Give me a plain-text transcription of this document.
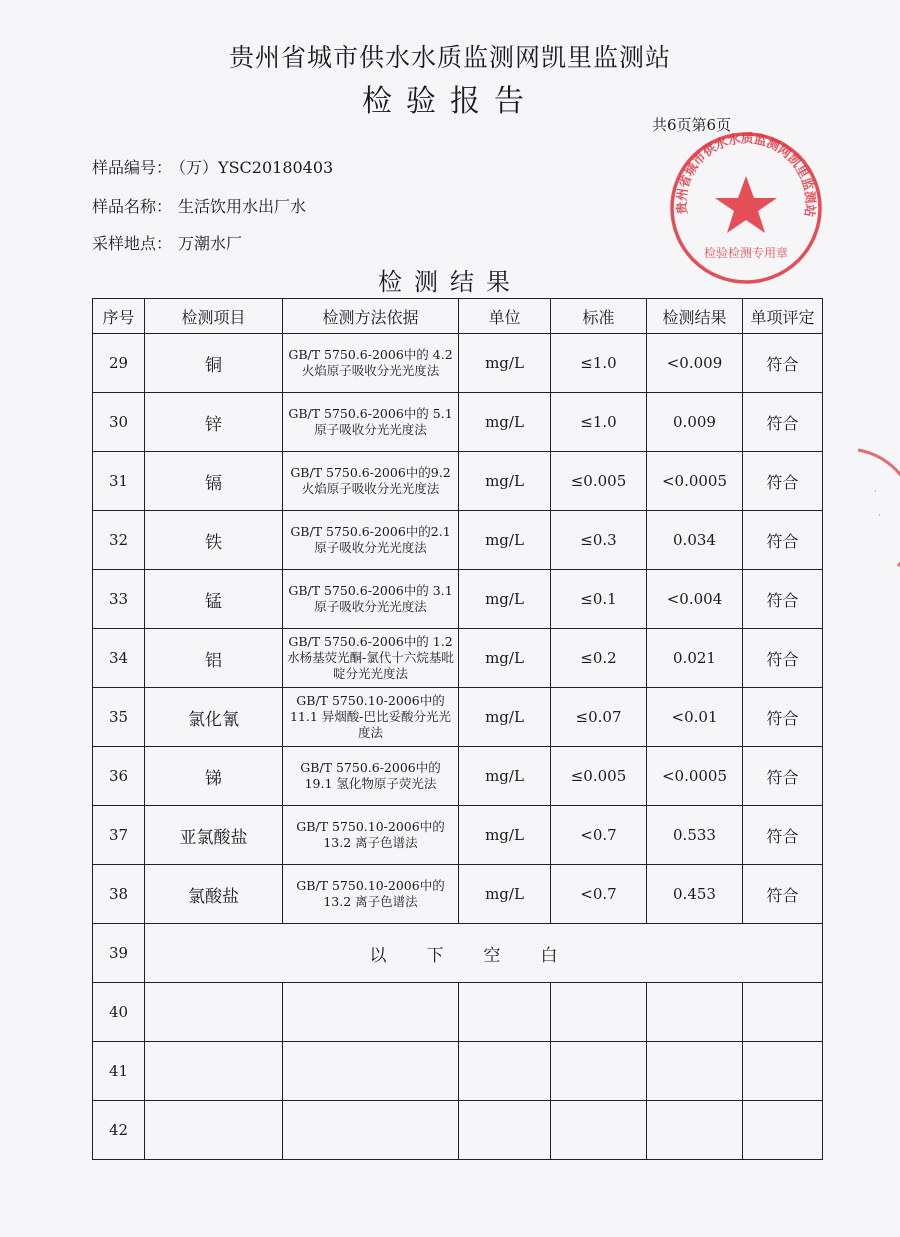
贵州省城市供水水质监测网凯里监测站
检验报告
共6页第6页
样品编号： （万）YSC20180403
样品名称： 生活饮用水出厂水
采样地点： 万潮水厂
检测结果
序号	检测项目	检测方法依据	单位	标准	检测结果	单项评定
29	铜	GB/T 5750.6-2006中的 4.2 火焰原子吸收分光光度法	mg/L	≤1.0	<0.009	符合
30	锌	GB/T 5750.6-2006中的 5.1 原子吸收分光光度法	mg/L	≤1.0	0.009	符合
31	镉	GB/T 5750.6-2006中的9.2 火焰原子吸收分光光度法	mg/L	≤0.005	<0.0005	符合
32	铁	GB/T 5750.6-2006中的2.1 原子吸收分光光度法	mg/L	≤0.3	0.034	符合
33	锰	GB/T 5750.6-2006中的 3.1 原子吸收分光光度法	mg/L	≤0.1	<0.004	符合
34	铝	GB/T 5750.6-2006中的 1.2 水杨基荧光酮-氯代十六烷基吡啶分光光度法	mg/L	≤0.2	0.021	符合
35	氯化氰	GB/T 5750.10-2006中的 11.1 异烟酸-巴比妥酸分光光度法	mg/L	≤0.07	<0.01	符合
36	锑	GB/T 5750.6-2006中的 19.1 氢化物原子荧光法	mg/L	≤0.005	<0.0005	符合
37	亚氯酸盐	GB/T 5750.10-2006中的 13.2 离子色谱法	mg/L	<0.7	0.533	符合
38	氯酸盐	GB/T 5750.10-2006中的 13.2 离子色谱法	mg/L	<0.7	0.453	符合
39	以下空白					
40						
41						
42						
贵州省城市供水水质监测网凯里监测站
检验检测专用章
·
·
